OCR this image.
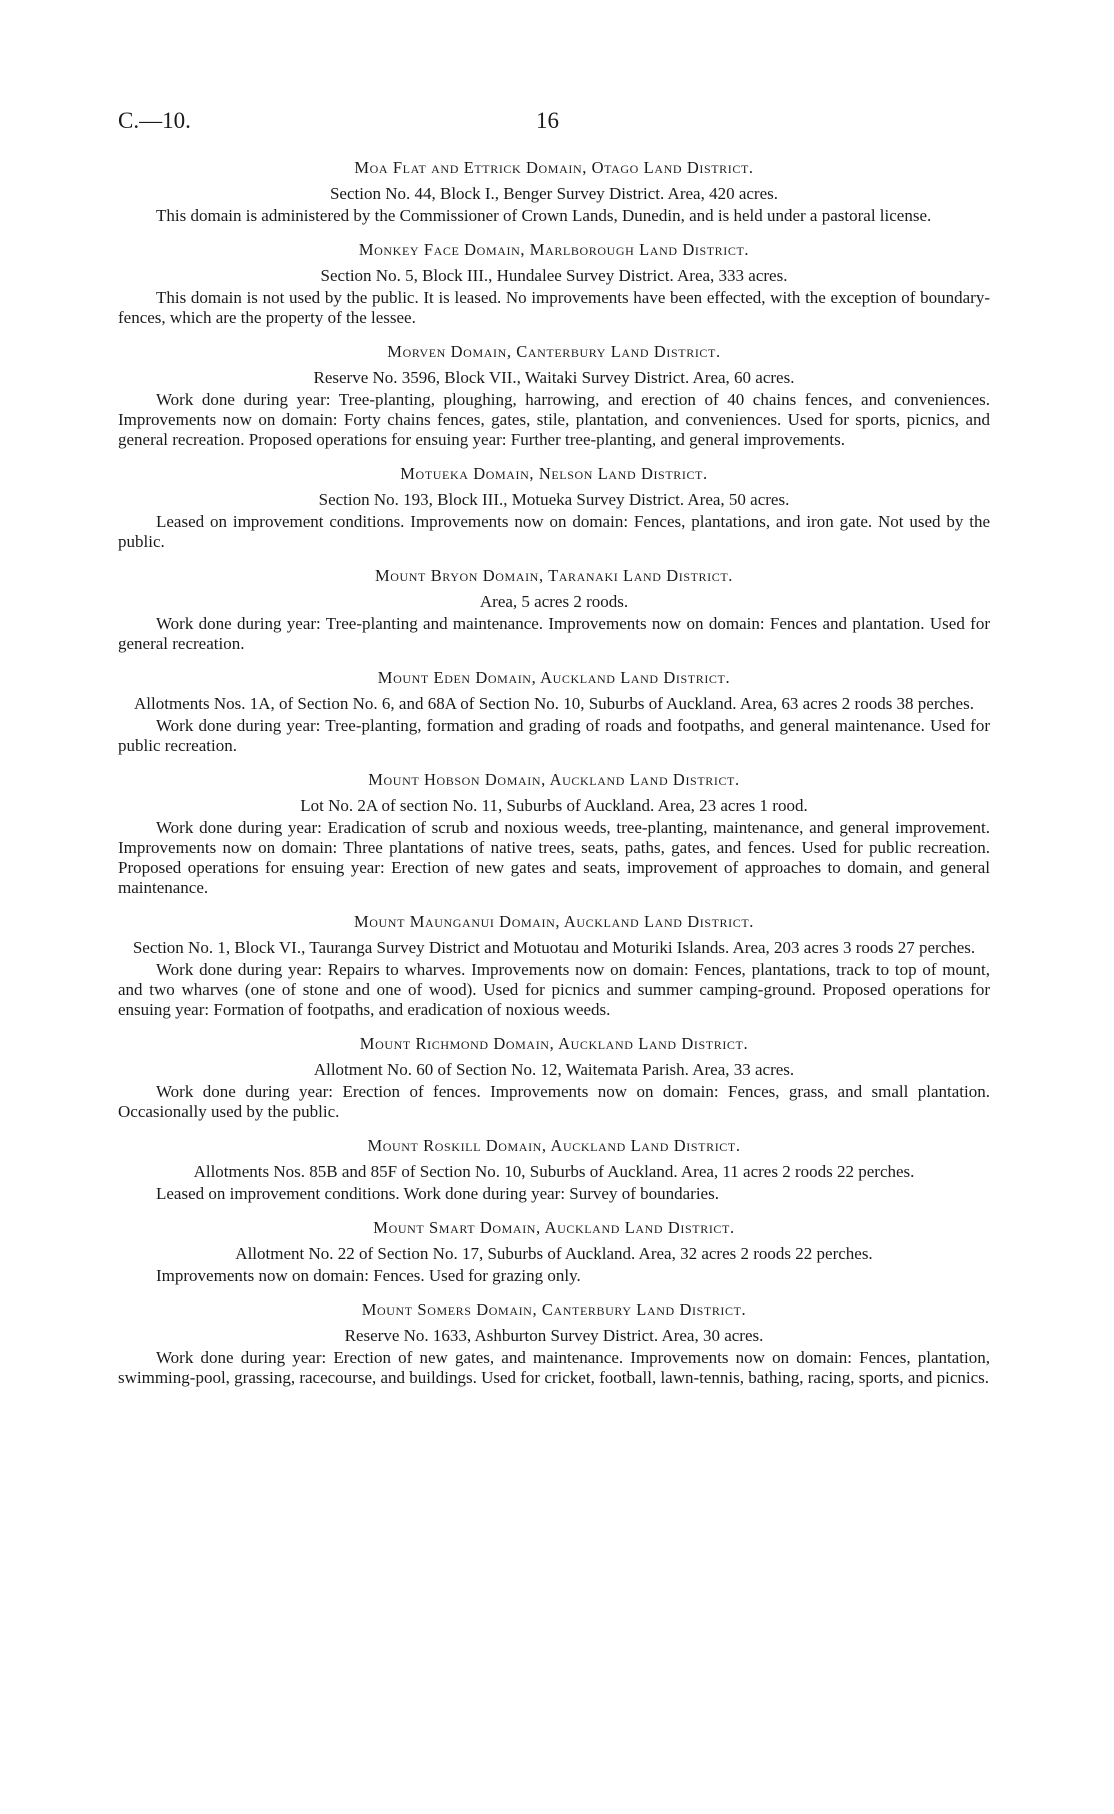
C.—10.	16
Moa Flat and Ettrick Domain, Otago Land District.
Section No. 44, Block I., Benger Survey District. Area, 420 acres.
This domain is administered by the Commissioner of Crown Lands, Dunedin, and is held under a pastoral license.
Monkey Face Domain, Marlborough Land District.
Section No. 5, Block III., Hundalee Survey District. Area, 333 acres.
This domain is not used by the public. It is leased. No improvements have been effected, with the exception of boundary-fences, which are the property of the lessee.
Morven Domain, Canterbury Land District.
Reserve No. 3596, Block VII., Waitaki Survey District. Area, 60 acres.
Work done during year: Tree-planting, ploughing, harrowing, and erection of 40 chains fences, and conveniences. Improvements now on domain: Forty chains fences, gates, stile, plantation, and conveniences. Used for sports, picnics, and general recreation. Proposed operations for ensuing year: Further tree-planting, and general improvements.
Motueka Domain, Nelson Land District.
Section No. 193, Block III., Motueka Survey District. Area, 50 acres.
Leased on improvement conditions. Improvements now on domain: Fences, plantations, and iron gate. Not used by the public.
Mount Bryon Domain, Taranaki Land District.
Area, 5 acres 2 roods.
Work done during year: Tree-planting and maintenance. Improvements now on domain: Fences and plantation. Used for general recreation.
Mount Eden Domain, Auckland Land District.
Allotments Nos. 1A, of Section No. 6, and 68A of Section No. 10, Suburbs of Auckland. Area, 63 acres 2 roods 38 perches.
Work done during year: Tree-planting, formation and grading of roads and footpaths, and general maintenance. Used for public recreation.
Mount Hobson Domain, Auckland Land District.
Lot No. 2A of section No. 11, Suburbs of Auckland. Area, 23 acres 1 rood.
Work done during year: Eradication of scrub and noxious weeds, tree-planting, maintenance, and general improvement. Improvements now on domain: Three plantations of native trees, seats, paths, gates, and fences. Used for public recreation. Proposed operations for ensuing year: Erection of new gates and seats, improvement of approaches to domain, and general maintenance.
Mount Maunganui Domain, Auckland Land District.
Section No. 1, Block VI., Tauranga Survey District and Motuotau and Moturiki Islands. Area, 203 acres 3 roods 27 perches.
Work done during year: Repairs to wharves. Improvements now on domain: Fences, plantations, track to top of mount, and two wharves (one of stone and one of wood). Used for picnics and summer camping-ground. Proposed operations for ensuing year: Formation of footpaths, and eradication of noxious weeds.
Mount Richmond Domain, Auckland Land District.
Allotment No. 60 of Section No. 12, Waitemata Parish. Area, 33 acres.
Work done during year: Erection of fences. Improvements now on domain: Fences, grass, and small plantation. Occasionally used by the public.
Mount Roskill Domain, Auckland Land District.
Allotments Nos. 85B and 85F of Section No. 10, Suburbs of Auckland. Area, 11 acres 2 roods 22 perches.
Leased on improvement conditions. Work done during year: Survey of boundaries.
Mount Smart Domain, Auckland Land District.
Allotment No. 22 of Section No. 17, Suburbs of Auckland. Area, 32 acres 2 roods 22 perches.
Improvements now on domain: Fences. Used for grazing only.
Mount Somers Domain, Canterbury Land District.
Reserve No. 1633, Ashburton Survey District. Area, 30 acres.
Work done during year: Erection of new gates, and maintenance. Improvements now on domain: Fences, plantation, swimming-pool, grassing, racecourse, and buildings. Used for cricket, football, lawn-tennis, bathing, racing, sports, and picnics.
